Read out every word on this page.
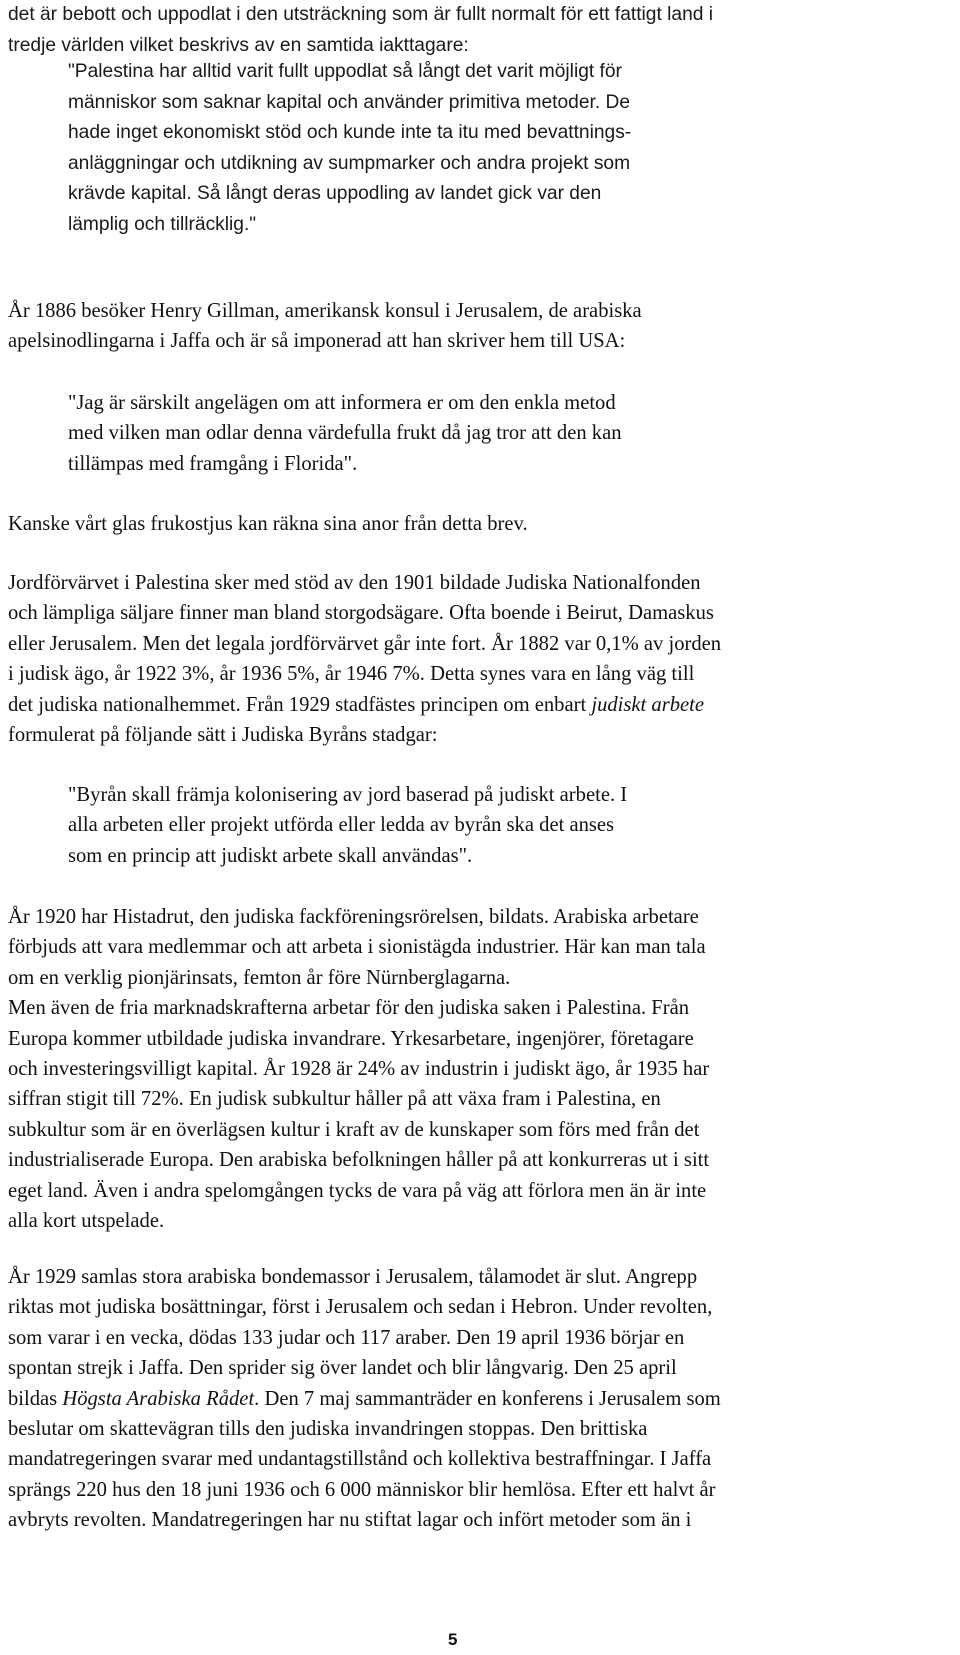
det är bebott och uppodlat i den utsträckning som är fullt normalt för ett fattigt land i
tredje världen vilket beskrivs av en samtida iakttagare:
"Palestina har alltid varit fullt uppodlat så långt det varit möjligt för
människor som saknar kapital och använder primitiva metoder. De
hade inget ekonomiskt stöd och kunde inte ta itu med bevattnings-
anläggningar och utdikning av sumpmarker och andra projekt som
krävde kapital. Så långt deras uppodling av landet gick var den
lämplig och tillräcklig."
År 1886 besöker Henry Gillman, amerikansk konsul i Jerusalem, de arabiska
apelsinodlingarna i Jaffa och är så imponerad att han skriver hem till USA:
"Jag är särskilt angelägen om att informera er om den enkla metod
med vilken man odlar denna värdefulla frukt då jag tror att den kan
tillämpas med framgång i Florida".
Kanske vårt glas frukostjus kan räkna sina anor från detta brev.
Jordförvärvet i Palestina sker med stöd av den 1901 bildade Judiska Nationalfonden
och lämpliga säljare finner man bland storgodsägare. Ofta boende i Beirut, Damaskus
eller Jerusalem. Men det legala jordförvärvet går inte fort. År 1882 var 0,1% av jorden
i judisk ägo, år 1922 3%, år 1936 5%, år 1946 7%. Detta synes vara en lång väg till
det judiska nationalhemmet. Från 1929 stadfästes principen om enbart judiskt arbete
formulerat på följande sätt i Judiska Byråns stadgar:
"Byrån skall främja kolonisering av jord baserad på judiskt arbete. I
alla arbeten eller projekt utförda eller ledda av byrån ska det anses
som en princip att judiskt arbete skall användas".
År 1920 har Histadrut, den judiska fackföreningsrörelsen, bildats. Arabiska arbetare
förbjuds att vara medlemmar och att arbeta i sionistägda industrier. Här kan man tala
om en verklig pionjärinsats, femton år före Nürnberglagarna.
Men även de fria marknadskrafterna arbetar för den judiska saken i Palestina. Från
Europa kommer utbildade judiska invandrare. Yrkesarbetare, ingenjörer, företagare
och investeringsvilligt kapital. År 1928 är 24% av industrin i judiskt ägo, år 1935 har
siffran stigit till 72%. En judisk subkultur håller på att växa fram i Palestina, en
subkultur som är en överlägsen kultur i kraft av de kunskaper som förs med från det
industrialiserade Europa. Den arabiska befolkningen håller på att konkurreras ut i sitt
eget land. Även i andra spelomgången tycks de vara på väg att förlora men än är inte
alla kort utspelade.
År 1929 samlas stora arabiska bondemassor i Jerusalem, tålamodet är slut. Angrepp
riktas mot judiska bosättningar, först i Jerusalem och sedan i Hebron. Under revolten,
som varar i en vecka, dödas 133 judar och 117 araber. Den 19 april 1936 börjar en
spontan strejk i Jaffa. Den sprider sig över landet och blir långvarig. Den 25 april
bildas Högsta Arabiska Rådet. Den 7 maj sammanträder en konferens i Jerusalem som
beslutar om skattevägran tills den judiska invandringen stoppas. Den brittiska
mandatregeringen svarar med undantagstillstånd och kollektiva bestraffningar. I Jaffa
sprängs 220 hus den 18 juni 1936 och 6 000 människor blir hemlösa. Efter ett halvt år
avbryts revolten. Mandatregeringen har nu stiftat lagar och infört metoder som än i
5
